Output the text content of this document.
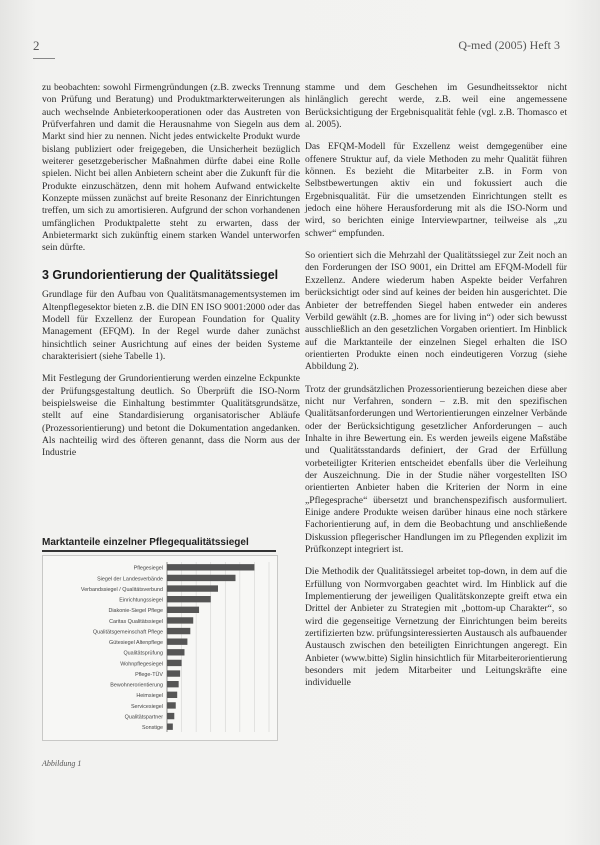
2	Q-med (2005) Heft 3

zu beobachten: sowohl Firmengründungen (z.B. zwecks Trennung von Prüfung und Beratung) und Produktmarkterweiterungen als auch wechselnde Anbieterkooperationen oder das Austreten von Prüfverfahren und damit die Herausnahme von Siegeln aus dem Markt sind hier zu nennen. Nicht jedes entwickelte Produkt wurde bislang publiziert oder freigegeben, die Unsicherheit bezüglich weiterer gesetzgeberischer Maßnahmen dürfte dabei eine Rolle spielen. Nicht bei allen Anbietern scheint aber die Zukunft für die Produkte einzuschätzen, denn mit hohem Aufwand entwickelte Konzepte müssen zunächst auf breite Resonanz der Einrichtungen treffen, um sich zu amortisieren. Aufgrund der schon vorhandenen umfänglichen Produktpalette steht zu erwarten, dass der Anbietermarkt sich zukünftig einem starken Wandel unterworfen sein dürfte.

3 Grundorientierung der Qualitätssiegel

Grundlage für den Aufbau von Qualitätsmanagementsystemen im Altenpflegesektor bieten z.B. die DIN EN ISO 9001:2000 oder das Modell für Exzellenz der European Foundation for Quality Management (EFQM). In der Regel wurde daher zunächst hinsichtlich seiner Ausrichtung auf eines der beiden Systeme charakterisiert (siehe Tabelle 1).

Mit Festlegung der Grundorientierung werden einzelne Eckpunkte der Prüfungsgestaltung deutlich. So Überprüft die ISO-Norm beispielsweise die Einhaltung bestimmter Qualitätsgrundsätze, stellt auf eine Standardisierung organisatorischer Abläufe (Prozessorientierung) und betont die Dokumentation angedanken. Als nachteilig wird des öfteren genannt, dass die Norm aus der Industrie

Marktanteile einzelner Pflegequalitätssiegel
Pflegesiegel
Siegel der Landesverbände
Verbandssiegel / Qualitätsverbund
Einrichtungssiegel
Diakonie-Siegel Pflege
Caritas Qualitätssiegel
Qualitätsgemeinschaft Pflege
Gütesiegel Altenpflege
Qualitätsprüfung
Wohnpflegesiegel
Pflege-TÜV
Bewohnerorientierung
Heimsiegel
Servicesiegel
Qualitätspartner
Sonstige
Abbildung 1

stamme und dem Geschehen im Gesundheitssektor nicht hinlänglich gerecht werde, z.B. weil eine angemessene Berücksichtigung der Ergebnisqualität fehle (vgl. z.B. Thomasco et al. 2005).

Das EFQM-Modell für Exzellenz weist demgegenüber eine offenere Struktur auf, da viele Methoden zu mehr Qualität führen können. Es bezieht die Mitarbeiter z.B. in Form von Selbstbewertungen aktiv ein und fokussiert auch die Ergebnisqualität. Für die umsetzenden Einrichtungen stellt es jedoch eine höhere Herausforderung mit als die ISO-Norm und wird, so berichten einige Interviewpartner, teilweise als „zu schwer“ empfunden.

So orientiert sich die Mehrzahl der Qualitätssiegel zur Zeit noch an den Forderungen der ISO 9001, ein Drittel am EFQM-Modell für Exzellenz. Andere wiederum haben Aspekte beider Verfahren berücksichtigt oder sind auf keines der beiden hin ausgerichtet. Die Anbieter der betreffenden Siegel haben entweder ein anderes Verbild gewählt (z.B. „homes are for living in“) oder sich bewusst ausschließlich an den gesetzlichen Vorgaben orientiert. Im Hinblick auf die Marktanteile der einzelnen Siegel erhalten die ISO orientierten Produkte einen noch eindeutigeren Vorzug (siehe Abbildung 2).

Trotz der grundsätzlichen Prozessorientierung bezeichen diese aber nicht nur Verfahren, sondern – z.B. mit den spezifischen Qualitätsanforderungen und Wertorientierungen einzelner Verbände oder der Berücksichtigung gesetzlicher Anforderungen – auch Inhalte in ihre Bewertung ein. Es werden jeweils eigene Maßstäbe und Qualitätsstandards definiert, der Grad der Erfüllung vorbeteiligter Kriterien entscheidet ebenfalls über die Verleihung der Auszeichnung. Die in der Studie näher vorgestellten ISO orientierten Anbieter haben die Kriterien der Norm in eine „Pflegesprache“ übersetzt und branchenspezifisch ausformuliert. Einige andere Produkte weisen darüber hinaus eine noch stärkere Fachorientierung auf, in dem die Beobachtung und anschließende Diskussion pflegerischer Handlungen im zu Pflegenden explizit im Prüfkonzept integriert ist.

Die Methodik der Qualitätssiegel arbeitet top-down, in dem auf die Erfüllung von Normvorgaben geachtet wird. Im Hinblick auf die Implementierung der jeweiligen Qualitätskonzepte greift etwa ein Drittel der Anbieter zu Strategien mit „bottom-up Charakter“, so wird die gegenseitige Vernetzung der Einrichtungen beim bereits zertifizierten bzw. prüfungsinteressierten Austausch als aufbauender Austausch zwischen den beteiligten Einrichtungen angeregt. Ein Anbieter (www.bitte) Siglin hinsichtlich für Mitarbeiterorientierung besonders mit jedem Mitarbeiter und Leitungskräfte eine individuelle
